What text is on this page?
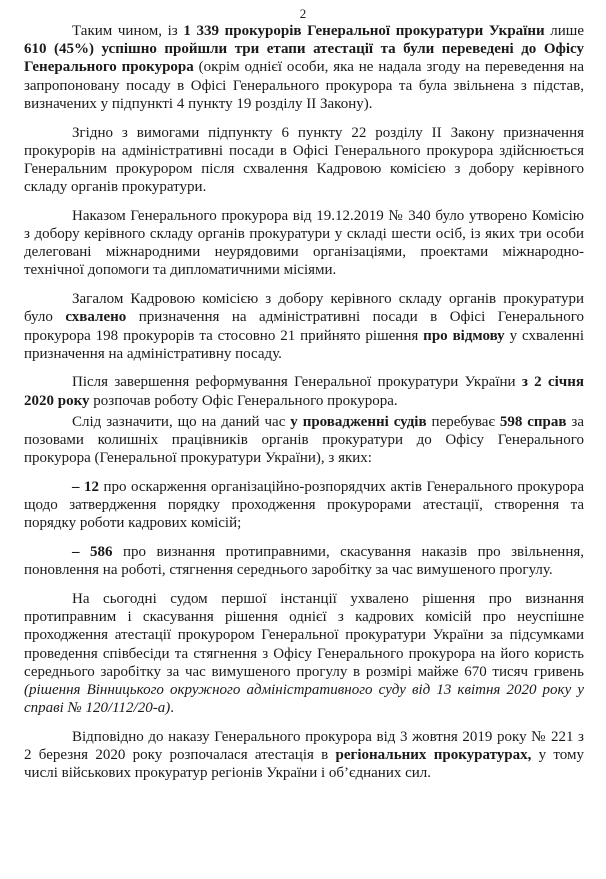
2

Таким чином, із 1 339 прокурорів Генеральної прокуратури України лише 610 (45%) успішно пройшли три етапи атестації та були переведені до Офісу Генерального прокурора (окрім однієї особи, яка не надала згоду на переведення на запропоновану посаду в Офісі Генерального прокурора та була звільнена з підстав, визначених у підпункті 4 пункту 19 розділу II Закону).

Згідно з вимогами підпункту 6 пункту 22 розділу II Закону призначення прокурорів на адміністративні посади в Офісі Генерального прокурора здійснюється Генеральним прокурором після схвалення Кадровою комісією з добору керівного складу органів прокуратури.

Наказом Генерального прокурора від 19.12.2019 № 340 було утворено Комісію з добору керівного складу органів прокуратури у складі шести осіб, із яких три особи делеговані міжнародними неурядовими організаціями, проектами міжнародно-технічної допомоги та дипломатичними місіями.

Загалом Кадровою комісією з добору керівного складу органів прокуратури було схвалено призначення на адміністративні посади в Офісі Генерального прокурора 198 прокурорів та стосовно 21 прийнято рішення про відмову у схваленні призначення на адміністративну посаду.

Після завершення реформування Генеральної прокуратури України з 2 січня 2020 року розпочав роботу Офіс Генерального прокурора.

Слід зазначити, що на даний час у провадженні судів перебуває 598 справ за позовами колишніх працівників органів прокуратури до Офісу Генерального прокурора (Генеральної прокуратури України), з яких:

– 12 про оскарження організаційно-розпорядчих актів Генерального прокурора щодо затвердження порядку проходження прокурорами атестації, створення та порядку роботи кадрових комісій;

– 586 про визнання протиправними, скасування наказів про звільнення, поновлення на роботі, стягнення середнього заробітку за час вимушеного прогулу.

На сьогодні судом першої інстанції ухвалено рішення про визнання протиправним і скасування рішення однієї з кадрових комісій про неуспішне проходження атестації прокурором Генеральної прокуратури України за підсумками проведення співбесіди та стягнення з Офісу Генерального прокурора на його користь середнього заробітку за час вимушеного прогулу в розмірі майже 670 тисяч гривень (рішення Вінницького окружного адміністративного суду від 13 квітня 2020 року у справі № 120/112/20-а).

Відповідно до наказу Генерального прокурора від 3 жовтня 2019 року № 221 з 2 березня 2020 року розпочалася атестація в регіональних прокуратурах, у тому числі військових прокуратур регіонів України і об’єднаних сил.
